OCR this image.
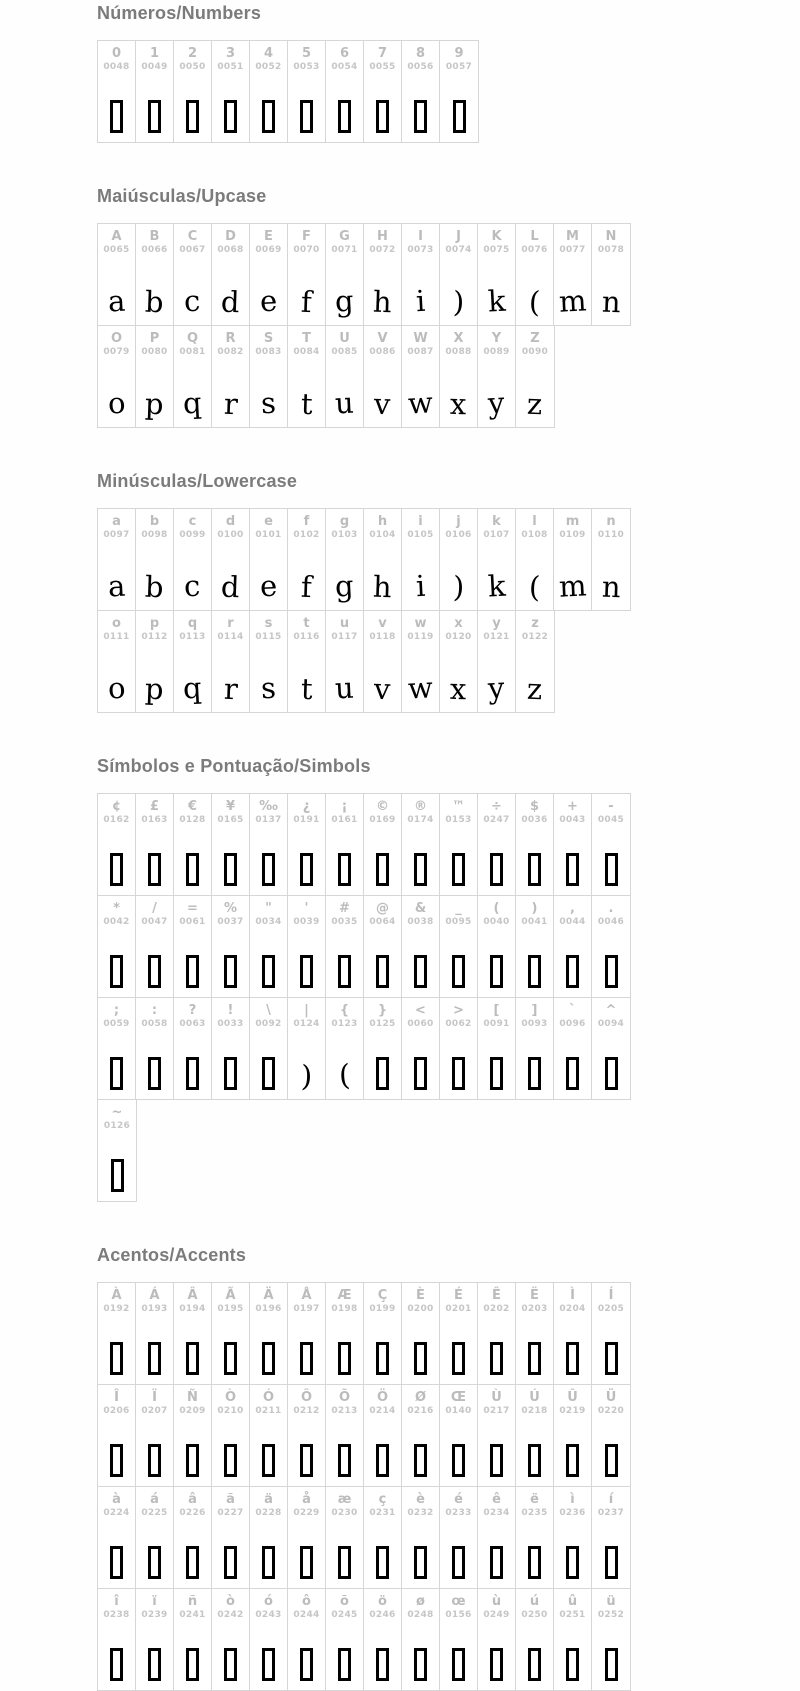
Números/Numbers
0
0048
1
0049
2
0050
3
0051
4
0052
5
0053
6
0054
7
0055
8
0056
9
0057
Maiúsculas/Upcase
A
0065
a
B
0066
b
C
0067
c
D
0068
d
E
0069
e
F
0070
f
G
0071
g
H
0072
h
I
0073
i
J
0074
)
K
0075
k
L
0076
(
M
0077
m
N
0078
n
O
0079
o
P
0080
p
Q
0081
q
R
0082
r
S
0083
s
T
0084
t
U
0085
u
V
0086
v
W
0087
w
X
0088
x
Y
0089
y
Z
0090
z
Minúsculas/Lowercase
a
0097
a
b
0098
b
c
0099
c
d
0100
d
e
0101
e
f
0102
f
g
0103
g
h
0104
h
i
0105
i
j
0106
)
k
0107
k
l
0108
(
m
0109
m
n
0110
n
o
0111
o
p
0112
p
q
0113
q
r
0114
r
s
0115
s
t
0116
t
u
0117
u
v
0118
v
w
0119
w
x
0120
x
y
0121
y
z
0122
z
Símbolos e Pontuação/Simbols
¢
0162
£
0163
€
0128
¥
0165
‰
0137
¿
0191
¡
0161
©
0169
®
0174
™
0153
÷
0247
$
0036
+
0043
-
0045
*
0042
/
0047
=
0061
%
0037
"
0034
'
0039
#
0035
@
0064
&
0038
_
0095
(
0040
)
0041
,
0044
.
0046
;
0059
:
0058
?
0063
!
0033
\
0092
|
0124
)
{
0123
(
}
0125
<
0060
>
0062
[
0091
]
0093
`
0096
^
0094
~
0126
Acentos/Accents
À
0192
Á
0193
Â
0194
Ã
0195
Ä
0196
Å
0197
Æ
0198
Ç
0199
È
0200
É
0201
Ê
0202
Ë
0203
Ì
0204
Í
0205
Î
0206
Ï
0207
Ñ
0209
Ò
0210
Ó
0211
Ô
0212
Õ
0213
Ö
0214
Ø
0216
Œ
0140
Ù
0217
Ú
0218
Û
0219
Ü
0220
à
0224
á
0225
â
0226
ã
0227
ä
0228
å
0229
æ
0230
ç
0231
è
0232
é
0233
ê
0234
ë
0235
ì
0236
í
0237
î
0238
ï
0239
ñ
0241
ò
0242
ó
0243
ô
0244
õ
0245
ö
0246
ø
0248
œ
0156
ù
0249
ú
0250
û
0251
ü
0252
